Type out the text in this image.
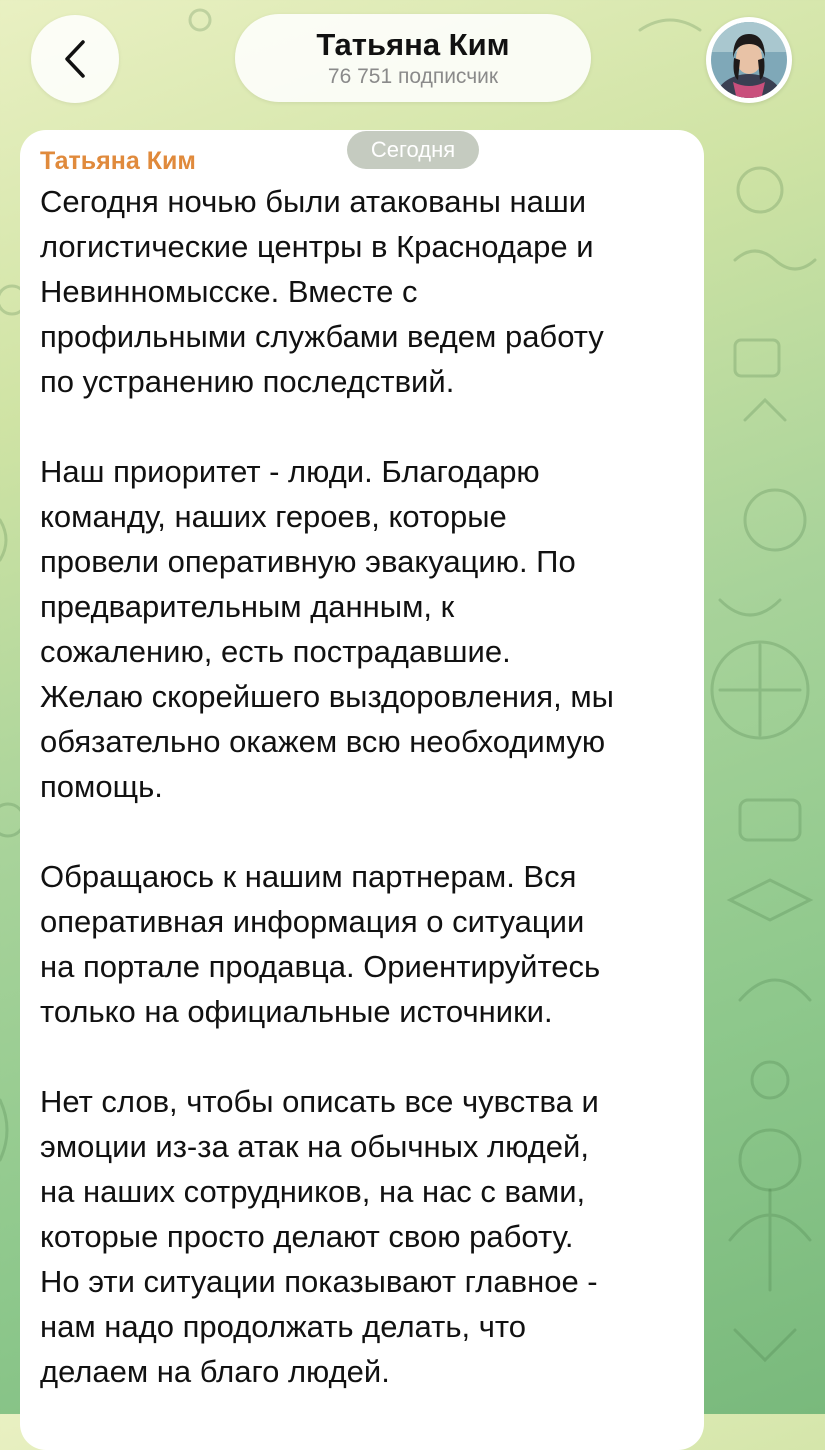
Татьяна Ким
76 751 подписчик
Татьяна Ким	Сегодня

Сегодня ночью были атакованы наши
логистические центры в Краснодаре и
Невинномысске. Вместе с
профильными службами ведем работу
по устранению последствий.

Наш приоритет - люди. Благодарю
команду, наших героев, которые
провели оперативную эвакуацию. По
предварительным данным, к
сожалению, есть пострадавшие.
Желаю скорейшего выздоровления, мы
обязательно окажем всю необходимую
помощь.

Обращаюсь к нашим партнерам. Вся
оперативная информация о ситуации
на портале продавца. Ориентируйтесь
только на официальные источники.

Нет слов, чтобы описать все чувства и
эмоции из-за атак на обычных людей,
на наших сотрудников, на нас с вами,
которые просто делают свою работу.
Но эти ситуации показывают главное -
нам надо продолжать делать, что
делаем на благо людей.
